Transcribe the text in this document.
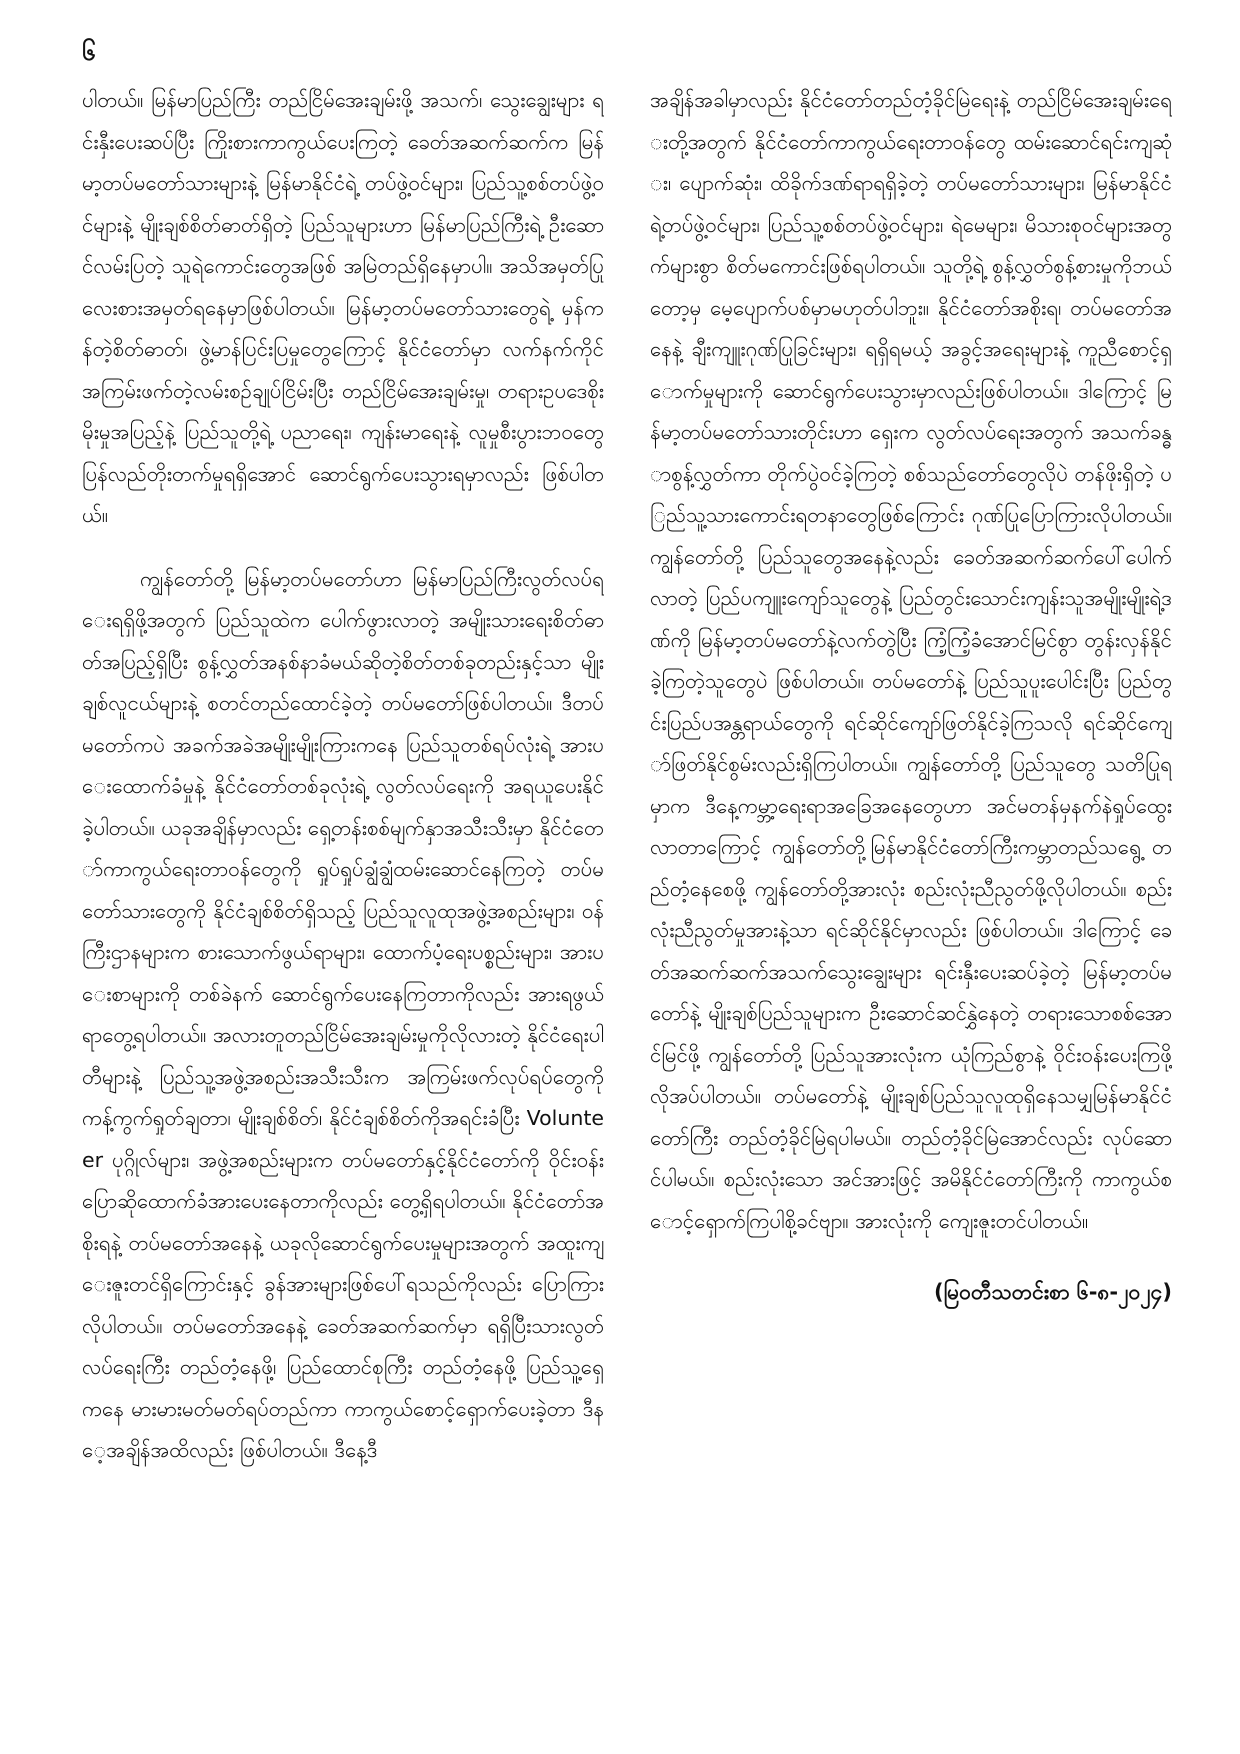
၆

ပါတယ်။ မြန်မာပြည်ကြီး တည်ငြိမ်အေးချမ်းဖို့ အသက်၊ သွေးချွေးများ ရင်းနှီးပေးဆပ်ပြီး ကြိုးစားကာကွယ်ပေးကြတဲ့ ခေတ်အဆက်ဆက်က မြန်မာ့တပ်မတော်သားများနဲ့ မြန်မာနိုင်ငံရဲ့ တပ်ဖွဲ့ဝင်များ၊ ပြည်သူ့စစ်တပ်ဖွဲ့ဝင်များနဲ့ မျိုးချစ်စိတ်ဓာတ်ရှိတဲ့ ပြည်သူများဟာ မြန်မာပြည်ကြီးရဲ့ ဦးဆောင်လမ်းပြတဲ့ သူရဲကောင်းတွေအဖြစ် အမြဲတည်ရှိနေမှာပါ။ အသိအမှတ်ပြုလေးစားအမှတ်ရနေမှာဖြစ်ပါတယ်။ မြန်မာ့တပ်မတော်သားတွေရဲ့ မှန်ကန်တဲ့စိတ်ဓာတ်၊ ဖွဲ့မာန်ပြင်းပြမှုတွေကြောင့် နိုင်ငံတော်မှာ လက်နက်ကိုင်အကြမ်းဖက်တဲ့လမ်းစဉ်ချုပ်ငြိမ်းပြီး တည်ငြိမ်အေးချမ်းမှု၊ တရားဥပဒေစိုးမိုးမှုအပြည့်နဲ့ ပြည်သူတို့ရဲ့ ပညာရေး၊ ကျန်းမာရေးနဲ့ လူမှုစီးပွားဘဝတွေ ပြန်လည်တိုးတက်မှုရရှိအောင် ဆောင်ရွက်ပေးသွားရမှာလည်း ဖြစ်ပါတယ်။

ကျွန်တော်တို့ မြန်မာ့တပ်မတော်ဟာ မြန်မာပြည်ကြီးလွတ်လပ်ရေးရရှိဖို့အတွက် ပြည်သူထဲက ပေါက်ဖွားလာတဲ့ အမျိုးသားရေးစိတ်ဓာတ်အပြည့်ရှိပြီး စွန့်လွှတ်အနစ်နာခံမယ်ဆိုတဲ့စိတ်တစ်ခုတည်းနှင့်သာ မျိုးချစ်လူငယ်များနဲ့ စတင်တည်ထောင်ခဲ့တဲ့ တပ်မတော်ဖြစ်ပါတယ်။ ဒီတပ်မတော်ကပဲ အခက်အခဲအမျိုးမျိုးကြားကနေ ပြည်သူတစ်ရပ်လုံးရဲ့ အားပေးထောက်ခံမှုနဲ့ နိုင်ငံတော်တစ်ခုလုံးရဲ့ လွတ်လပ်ရေးကို အရယူပေးနိုင်ခဲ့ပါတယ်။ ယခုအချိန်မှာလည်း ရှေ့တန်းစစ်မျက်နှာအသီးသီးမှာ နိုင်ငံတော်ကာကွယ်ရေးတာဝန်တွေကို ရှုပ်ရှုပ်ချွံချွံထမ်းဆောင်နေကြတဲ့ တပ်မတော်သားတွေကို နိုင်ငံချစ်စိတ်ရှိသည့် ပြည်သူလူထုအဖွဲ့အစည်းများ၊ ဝန်ကြီးဌာနများက စားသောက်ဖွယ်ရာများ၊ ထောက်ပံ့ရေးပစ္စည်းများ၊ အားပေးစာများကို တစ်ခဲနက် ဆောင်ရွက်ပေးနေကြတာကိုလည်း အားရဖွယ်ရာတွေ့ရပါတယ်။ အလားတူတည်ငြိမ်အေးချမ်းမှုကိုလိုလားတဲ့ နိုင်ငံရေးပါတီများနဲ့ ပြည်သူ့အဖွဲ့အစည်းအသီးသီးက အကြမ်းဖက်လုပ်ရပ်တွေကို ကန့်ကွက်ရှုတ်ချတာ၊ မျိုးချစ်စိတ်၊ နိုင်ငံချစ်စိတ်ကိုအရင်းခံပြီး Volunteer ပုဂ္ဂိုလ်များ၊ အဖွဲ့အစည်းများက တပ်မတော်နှင့်နိုင်ငံတော်ကို ဝိုင်းဝန်းပြောဆိုထောက်ခံအားပေးနေတာကိုလည်း တွေ့ရှိရပါတယ်။ နိုင်ငံတော်အစိုးရနဲ့ တပ်မတော်အနေနဲ့ ယခုလိုဆောင်ရွက်ပေးမှုများအတွက် အထူးကျေးဇူးတင်ရှိကြောင်းနှင့် ခွန်အားများဖြစ်ပေါ်ရသည်ကိုလည်း ပြောကြားလိုပါတယ်။ တပ်မတော်အနေနဲ့ ခေတ်အဆက်ဆက်မှာ ရရှိပြီးသားလွတ်လပ်ရေးကြီး တည်တံ့နေဖို့၊ ပြည်ထောင်စုကြီး တည်တံ့နေဖို့ ပြည်သူ့ရှေ့ကနေ မားမားမတ်မတ်ရပ်တည်ကာ ကာကွယ်စောင့်ရှောက်ပေးခဲ့တာ ဒီနေ့အချိန်အထိလည်း ဖြစ်ပါတယ်။ ဒီနေ့ဒီ

အချိန်အခါမှာလည်း နိုင်ငံတော်တည်တံ့ခိုင်မြဲရေးနဲ့ တည်ငြိမ်အေးချမ်းရေးတို့အတွက် နိုင်ငံတော်ကာကွယ်ရေးတာဝန်တွေ ထမ်းဆောင်ရင်းကျဆုံး၊ ပျောက်ဆုံး၊ ထိခိုက်ဒဏ်ရာရရှိခဲ့တဲ့ တပ်မတော်သားများ၊ မြန်မာနိုင်ငံရဲ့တပ်ဖွဲ့ဝင်များ၊ ပြည်သူ့စစ်တပ်ဖွဲ့ဝင်များ၊ ရဲမေများ၊ မိသားစုဝင်များအတွက်များစွာ စိတ်မကောင်းဖြစ်ရပါတယ်။ သူတို့ရဲ့ စွန့်လွှတ်စွန့်စားမှုကိုဘယ်တော့မှ မေ့ပျောက်ပစ်မှာမဟုတ်ပါဘူး။ နိုင်ငံတော်အစိုးရ၊ တပ်မတော်အနေနဲ့ ချီးကျူးဂုဏ်ပြုခြင်းများ၊ ရရှိရမယ့် အခွင့်အရေးများနဲ့ ကူညီစောင့်ရှောက်မှုများကို ဆောင်ရွက်ပေးသွားမှာလည်းဖြစ်ပါတယ်။ ဒါကြောင့် မြန်မာ့တပ်မတော်သားတိုင်းဟာ ရှေးက လွတ်လပ်ရေးအတွက် အသက်ခန္ဓာစွန့်လွှတ်ကာ တိုက်ပွဲဝင်ခဲ့ကြတဲ့ စစ်သည်တော်တွေလိုပဲ တန်ဖိုးရှိတဲ့ ပြည်သူ့သားကောင်းရတနာတွေဖြစ်ကြောင်း ဂုဏ်ပြုပြောကြားလိုပါတယ်။ ကျွန်တော်တို့ ပြည်သူတွေအနေနဲ့လည်း ခေတ်အဆက်ဆက်ပေါ်ပေါက်လာတဲ့ ပြည်ပကျူးကျော်သူတွေနဲ့ ပြည်တွင်းသောင်းကျန်းသူအမျိုးမျိုးရဲ့ဒဏ်ကို မြန်မာ့တပ်မတော်နဲ့လက်တွဲပြီး ကြံ့ကြံ့ခံအောင်မြင်စွာ တွန်းလှန်နိုင်ခဲ့ကြတဲ့သူတွေပဲ ဖြစ်ပါတယ်။ တပ်မတော်နဲ့ ပြည်သူပူးပေါင်းပြီး ပြည်တွင်းပြည်ပအန္တရာယ်တွေကို ရင်ဆိုင်ကျော်ဖြတ်နိုင်ခဲ့ကြသလို ရင်ဆိုင်ကျော်ဖြတ်နိုင်စွမ်းလည်းရှိကြပါတယ်။ ကျွန်တော်တို့ ပြည်သူတွေ သတိပြုရမှာက ဒီနေ့ကမ္ဘာ့ရေးရာအခြေအနေတွေဟာ အင်မတန်မှနက်နဲရှုပ်ထွေးလာတာကြောင့် ကျွန်တော်တို့မြန်မာနိုင်ငံတော်ကြီးကမ္ဘာတည်သရွေ့ တည်တံ့နေစေဖို့ ကျွန်တော်တို့အားလုံး စည်းလုံးညီညွတ်ဖို့လိုပါတယ်။ စည်းလုံးညီညွတ်မှုအားနဲ့သာ ရင်ဆိုင်နိုင်မှာလည်း ဖြစ်ပါတယ်။ ဒါကြောင့် ခေတ်အဆက်ဆက်အသက်သွေးချွေးများ ရင်းနှီးပေးဆပ်ခဲ့တဲ့ မြန်မာ့တပ်မတော်နဲ့ မျိုးချစ်ပြည်သူများက ဦးဆောင်ဆင်နွှဲနေတဲ့ တရားသောစစ်အောင်မြင်ဖို့ ကျွန်တော်တို့ ပြည်သူအားလုံးက ယုံကြည်စွာနဲ့ ဝိုင်းဝန်းပေးကြဖို့လိုအပ်ပါတယ်။ တပ်မတော်နဲ့ မျိုးချစ်ပြည်သူလူထုရှိနေသမျှမြန်မာနိုင်ငံတော်ကြီး တည်တံ့ခိုင်မြဲရပါမယ်။ တည်တံ့ခိုင်မြဲအောင်လည်း လုပ်ဆောင်ပါမယ်။ စည်းလုံးသော အင်အားဖြင့် အမိနိုင်ငံတော်ကြီးကို ကာကွယ်စောင့်ရှောက်ကြပါစို့ခင်ဗျာ။ အားလုံးကို ကျေးဇူးတင်ပါတယ်။

(မြဝတီသတင်းစာ ၆-၈-၂၀၂၄)
